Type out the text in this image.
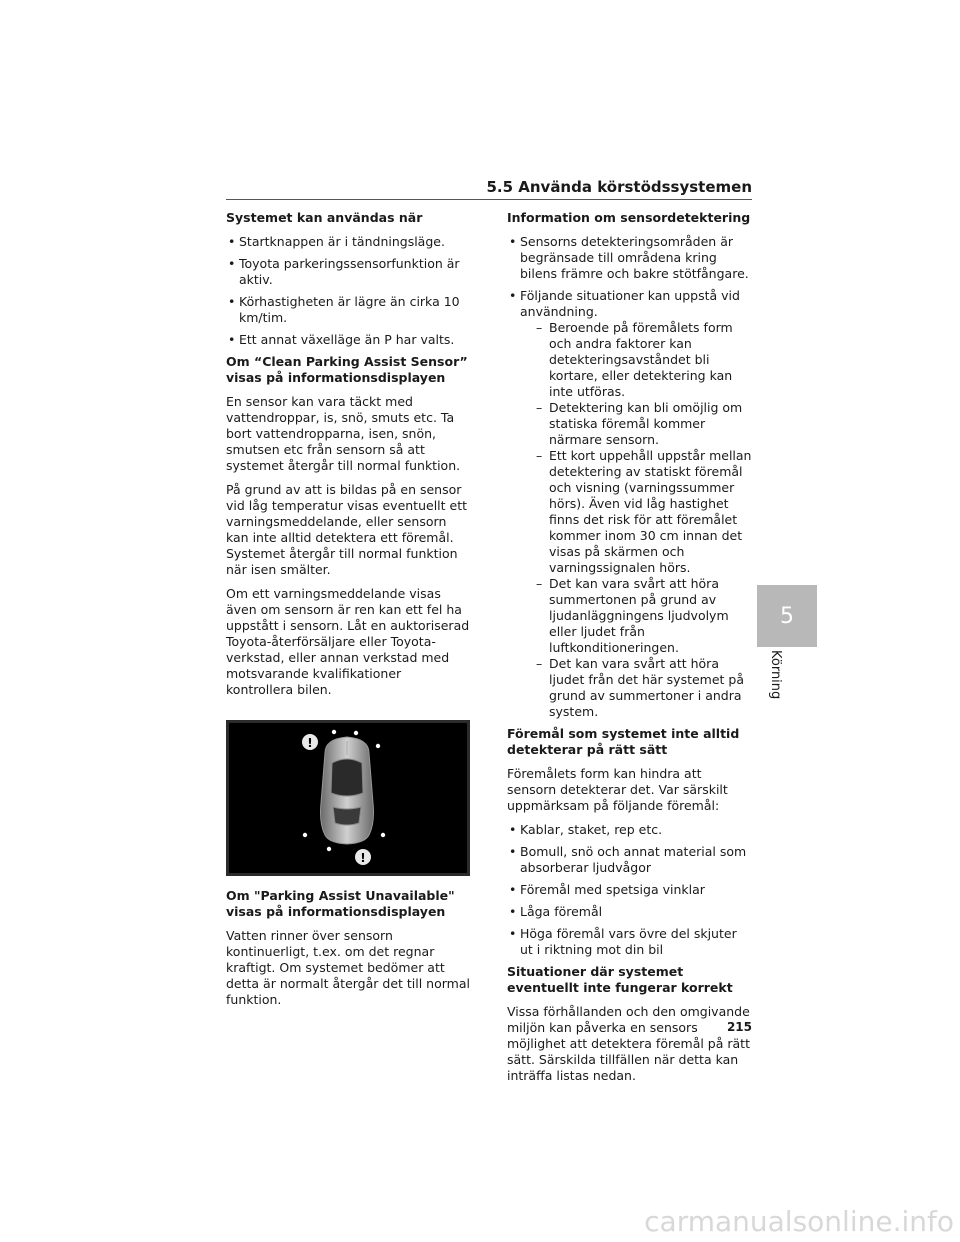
5.5 Använda körstödssystemen
Systemet kan användas när
• Startknappen är i tändningsläge.
• Toyota parkeringssensorfunktion är aktiv.
• Körhastigheten är lägre än cirka 10 km/tim.
• Ett annat växelläge än P har valts.
Om “Clean Parking Assist Sensor” visas på informationsdisplayen

En sensor kan vara täckt med vattendroppar, is, snö, smuts etc. Ta bort vattendropparna, isen, snön, smutsen etc från sensorn så att systemet återgår till normal funktion.

På grund av att is bildas på en sensor vid låg temperatur visas eventuellt ett varningsmeddelande, eller sensorn kan inte alltid detektera ett föremål. Systemet återgår till normal funktion när isen smälter.

Om ett varningsmeddelande visas även om sensorn är ren kan ett fel ha uppstått i sensorn. Låt en auktoriserad Toyota-återförsäljare eller Toyota-verkstad, eller annan verkstad med motsvarande kvalifikationer kontrollera bilen.

!
!
Om "Parking Assist Unavailable" visas på informationsdisplayen

Vatten rinner över sensorn kontinuerligt, t.ex. om det regnar kraftigt. Om systemet bedömer att detta är normalt återgår det till normal funktion.

Information om sensordetektering
• Sensorns detekteringsområden är begränsade till områdena kring bilens främre och bakre stötfångare.
• Följande situationer kan uppstå vid användning.
– Beroende på föremålets form och andra faktorer kan detekteringsavståndet bli kortare, eller detektering kan inte utföras.
– Detektering kan bli omöjlig om statiska föremål kommer närmare sensorn.
– Ett kort uppehåll uppstår mellan detektering av statiskt föremål och visning (varningssummer hörs). Även vid låg hastighet finns det risk för att föremålet kommer inom 30 cm innan det visas på skärmen och varningssignalen hörs.
– Det kan vara svårt att höra summertonen på grund av ljudanläggningens ljudvolym eller ljudet från luftkonditioneringen.
– Det kan vara svårt att höra ljudet från det här systemet på grund av summertoner i andra system.
Föremål som systemet inte alltid detekterar på rätt sätt

Föremålets form kan hindra att sensorn detekterar det. Var särskilt uppmärksam på följande föremål:

• Kablar, staket, rep etc.
• Bomull, snö och annat material som absorberar ljudvågor
• Föremål med spetsiga vinklar
• Låga föremål
• Höga föremål vars övre del skjuter ut i riktning mot din bil
Situationer där systemet eventuellt inte fungerar korrekt

Vissa förhållanden och den omgivande miljön kan påverka en sensors möjlighet att detektera föremål på rätt sätt. Särskilda tillfällen när detta kan inträffa listas nedan.

5
Körning
215
carmanualsonline.info
